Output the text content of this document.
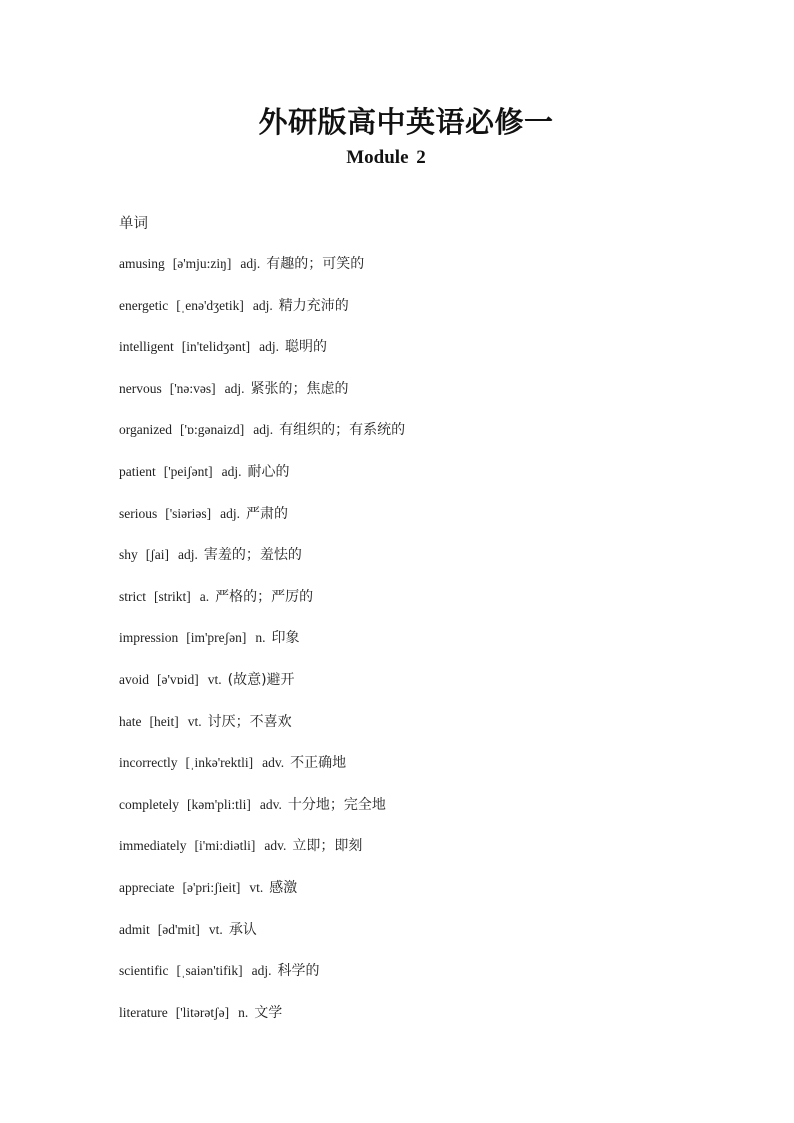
外研版高中英语必修一
Module 2
单词
amusing [ə'mju:ziŋ] adj. 有趣的；可笑的
energetic [ˌenə'dʒetik] adj. 精力充沛的
intelligent [in'telidʒənt] adj. 聪明的
nervous ['nə:vəs] adj. 紧张的；焦虑的
organized ['ɒ:gənaizd] adj. 有组织的；有系统的
patient ['peiʃənt] adj. 耐心的
serious ['siəriəs] adj. 严肃的
shy [ʃai] adj. 害羞的；羞怯的
strict [strikt] a. 严格的；严厉的
impression [im'preʃən] n. 印象
avoid [ə'vɒid] vt. (故意)避开
hate [heit] vt. 讨厌；不喜欢
incorrectly [ˌinkə'rektli] adv. 不正确地
completely [kəm'pli:tli] adv. 十分地；完全地
immediately [i'mi:diətli] adv. 立即；即刻
appreciate [ə'pri:ʃieit] vt. 感激
admit [əd'mit] vt. 承认
scientific [ˌsaiən'tifik] adj. 科学的
literature ['litərətʃə] n. 文学
